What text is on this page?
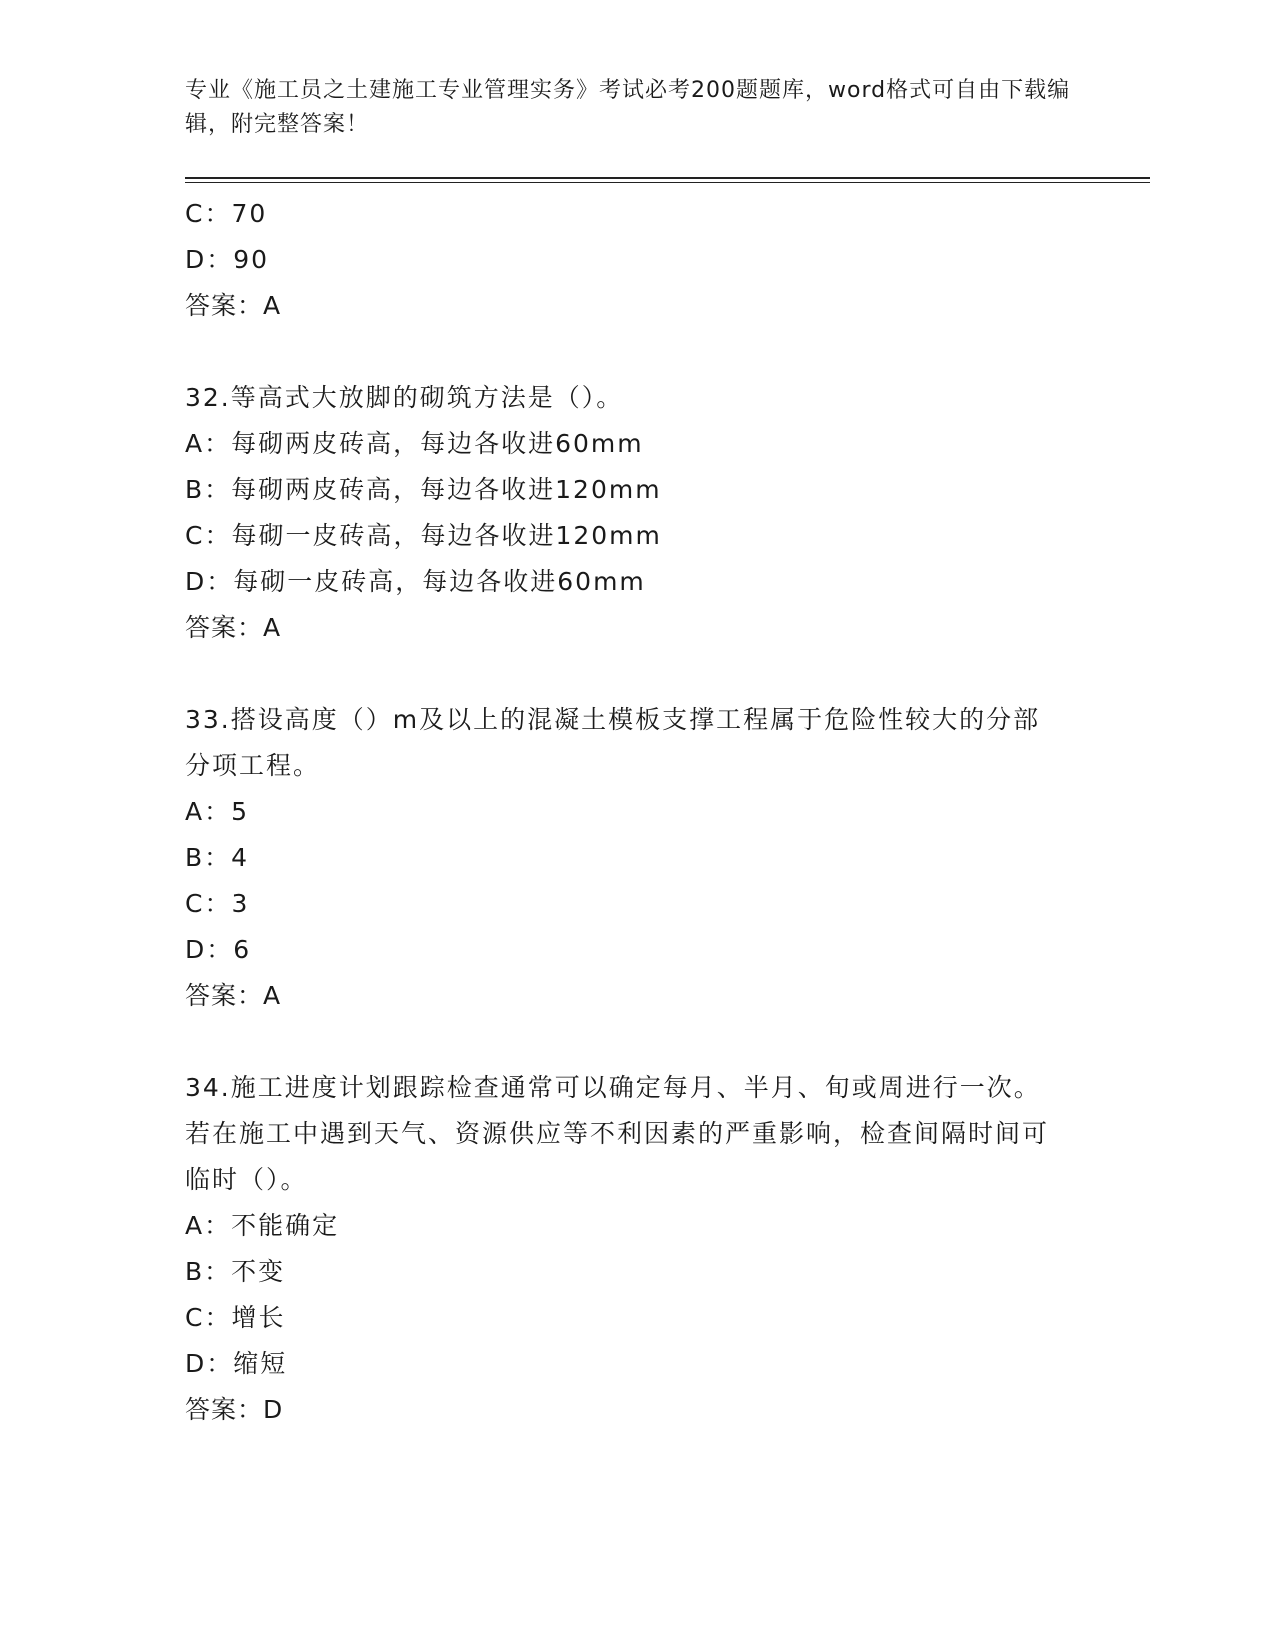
专业《施工员之土建施工专业管理实务》考试必考200题题库，word格式可自由下载编辑，附完整答案！
C：70
D：90
答案：A
32.等高式大放脚的砌筑方法是（）。
A：每砌两皮砖高，每边各收进60mm
B：每砌两皮砖高，每边各收进120mm
C：每砌一皮砖高，每边各收进120mm
D：每砌一皮砖高，每边各收进60mm
答案：A
33.搭设高度（）m及以上的混凝土模板支撑工程属于危险性较大的分部分项工程。
A：5
B：4
C：3
D：6
答案：A
34.施工进度计划跟踪检查通常可以确定每月、半月、旬或周进行一次。若在施工中遇到天气、资源供应等不利因素的严重影响，检查间隔时间可临时（）。
A：不能确定
B：不变
C：增长
D：缩短
答案：D
